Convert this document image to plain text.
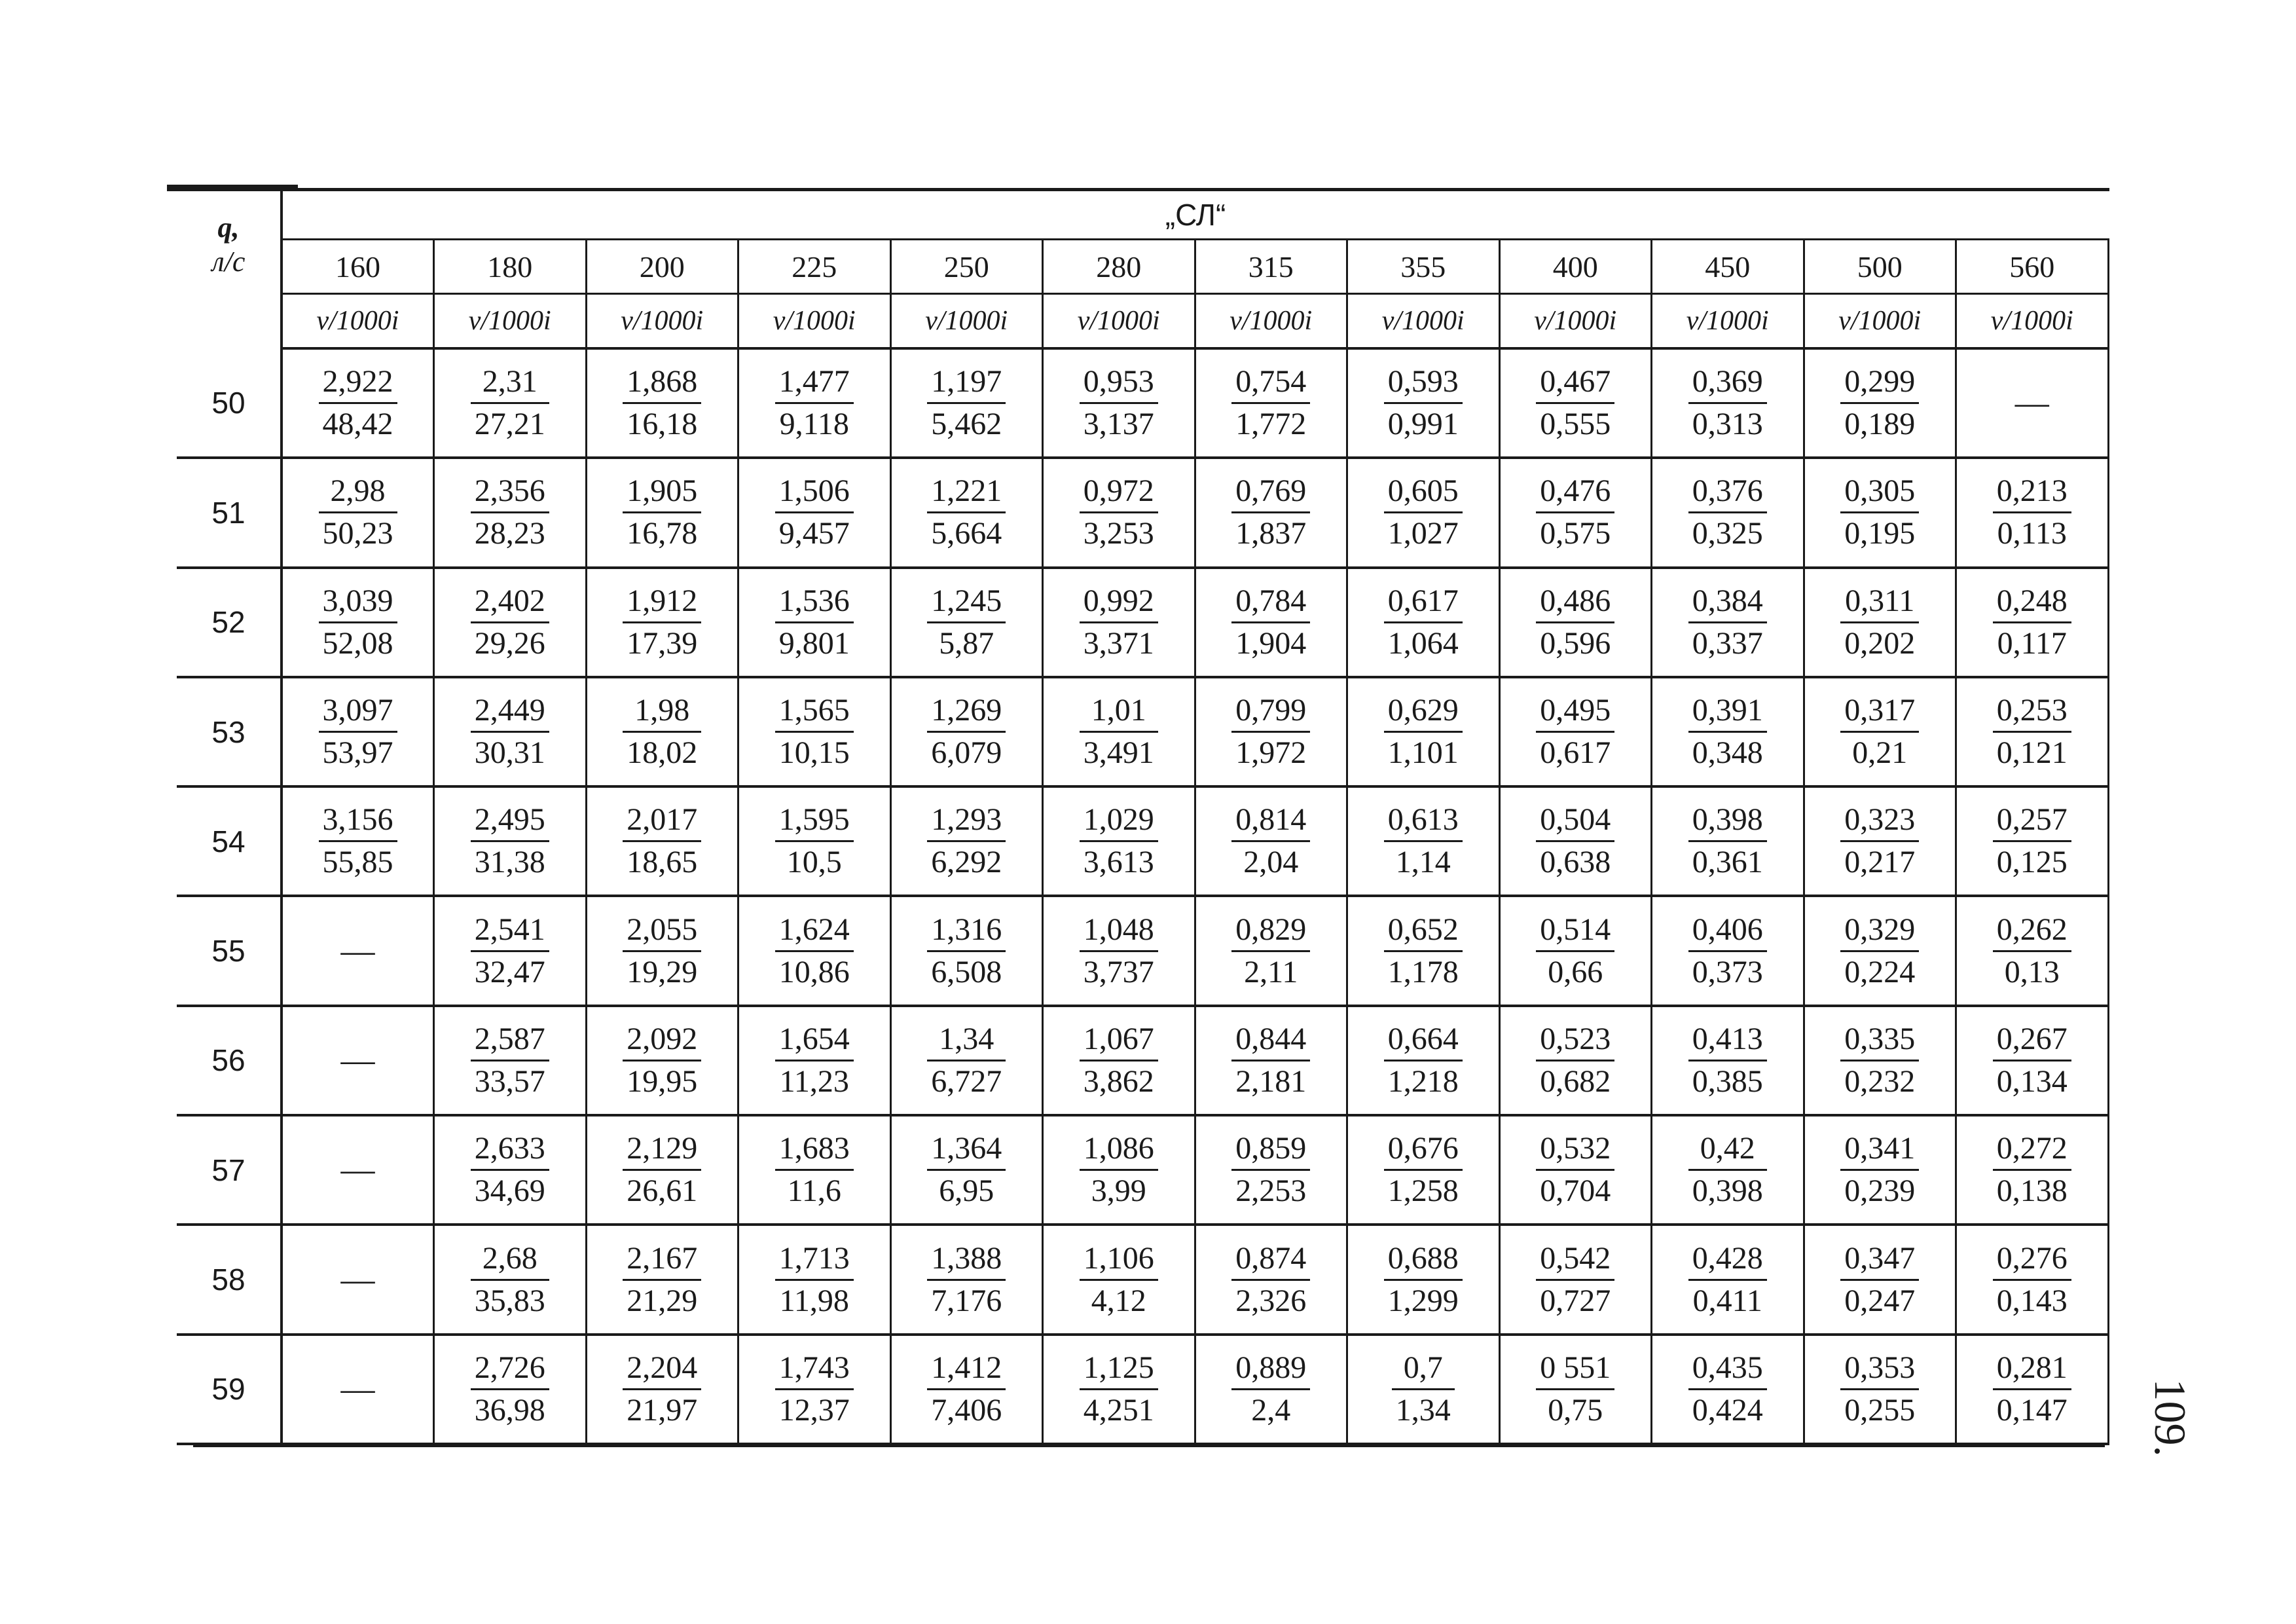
q,
л/с	„СЛ“											
	160	180	200	225	250	280	315	355	400	450	500	560
	v/1000i	v/1000i	v/1000i	v/1000i	v/1000i	v/1000i	v/1000i	v/1000i	v/1000i	v/1000i	v/1000i	v/1000i
50	$\frac{2,922}{48,42}$	$\frac{2,31}{27,21}$	$\frac{1,868}{16,18}$	$\frac{1,477}{9,118}$	$\frac{1,197}{5,462}$	$\frac{0,953}{3,137}$	$\frac{0,754}{1,772}$	$\frac{0,593}{0,991}$	$\frac{0,467}{0,555}$	$\frac{0,369}{0,313}$	$\frac{0,299}{0,189}$	—
51	$\frac{2,98}{50,23}$	$\frac{2,356}{28,23}$	$\frac{1,905}{16,78}$	$\frac{1,506}{9,457}$	$\frac{1,221}{5,664}$	$\frac{0,972}{3,253}$	$\frac{0,769}{1,837}$	$\frac{0,605}{1,027}$	$\frac{0,476}{0,575}$	$\frac{0,376}{0,325}$	$\frac{0,305}{0,195}$	$\frac{0,213}{0,113}$

52	$\frac{3,039}{52,08}$	$\frac{2,402}{29,26}$	$\frac{1,912}{17,39}$	$\frac{1,536}{9,801}$	$\frac{1,245}{5,87}$	$\frac{0,992}{3,371}$	$\frac{0,784}{1,904}$	$\frac{0,617}{1,064}$	$\frac{0,486}{0,596}$	$\frac{0,384}{0,337}$	$\frac{0,311}{0,202}$	$\frac{0,248}{0,117}$

53	$\frac{3,097}{53,97}$	$\frac{2,449}{30,31}$	$\frac{1,98}{18,02}$	$\frac{1,565}{10,15}$	$\frac{1,269}{6,079}$	$\frac{1,01}{3,491}$	$\frac{0,799}{1,972}$	$\frac{0,629}{1,101}$	$\frac{0,495}{0,617}$	$\frac{0,391}{0,348}$	$\frac{0,317}{0,21}$	$\frac{0,253}{0,121}$

54	$\frac{3,156}{55,85}$	$\frac{2,495}{31,38}$	$\frac{2,017}{18,65}$	$\frac{1,595}{10,5}$	$\frac{1,293}{6,292}$	$\frac{1,029}{3,613}$	$\frac{0,814}{2,04}$	$\frac{0,613}{1,14}$	$\frac{0,504}{0,638}$	$\frac{0,398}{0,361}$	$\frac{0,323}{0,217}$	$\frac{0,257}{0,125}$

55	—	$\frac{2,541}{32,47}$	$\frac{2,055}{19,29}$	$\frac{1,624}{10,86}$	$\frac{1,316}{6,508}$	$\frac{1,048}{3,737}$	$\frac{0,829}{2,11}$	$\frac{0,652}{1,178}$	$\frac{0,514}{0,66}$	$\frac{0,406}{0,373}$	$\frac{0,329}{0,224}$	$\frac{0,262}{0,13}$

56	—	$\frac{2,587}{33,57}$	$\frac{2,092}{19,95}$	$\frac{1,654}{11,23}$	$\frac{1,34}{6,727}$	$\frac{1,067}{3,862}$	$\frac{0,844}{2,181}$	$\frac{0,664}{1,218}$	$\frac{0,523}{0,682}$	$\frac{0,413}{0,385}$	$\frac{0,335}{0,232}$	$\frac{0,267}{0,134}$

57	—	$\frac{2,633}{34,69}$	$\frac{2,129}{26,61}$	$\frac{1,683}{11,6}$	$\frac{1,364}{6,95}$	$\frac{1,086}{3,99}$	$\frac{0,859}{2,253}$	$\frac{0,676}{1,258}$	$\frac{0,532}{0,704}$	$\frac{0,42}{0,398}$	$\frac{0,341}{0,239}$	$\frac{0,272}{0,138}$

58	—	$\frac{2,68}{35,83}$	$\frac{2,167}{21,29}$	$\frac{1,713}{11,98}$	$\frac{1,388}{7,176}$	$\frac{1,106}{4,12}$	$\frac{0,874}{2,326}$	$\frac{0,688}{1,299}$	$\frac{0,542}{0,727}$	$\frac{0,428}{0,411}$	$\frac{0,347}{0,247}$	$\frac{0,276}{0,143}$

59	—	$\frac{2,726}{36,98}$	$\frac{2,204}{21,97}$	$\frac{1,743}{12,37}$	$\frac{1,412}{7,406}$	$\frac{1,125}{4,251}$	$\frac{0,889}{2,4}$	$\frac{0,7}{1,34}$	$\frac{0 551}{0,75}$	$\frac{0,435}{0,424}$	$\frac{0,353}{0,255}$	$\frac{0,281}{0,147} 109$.
